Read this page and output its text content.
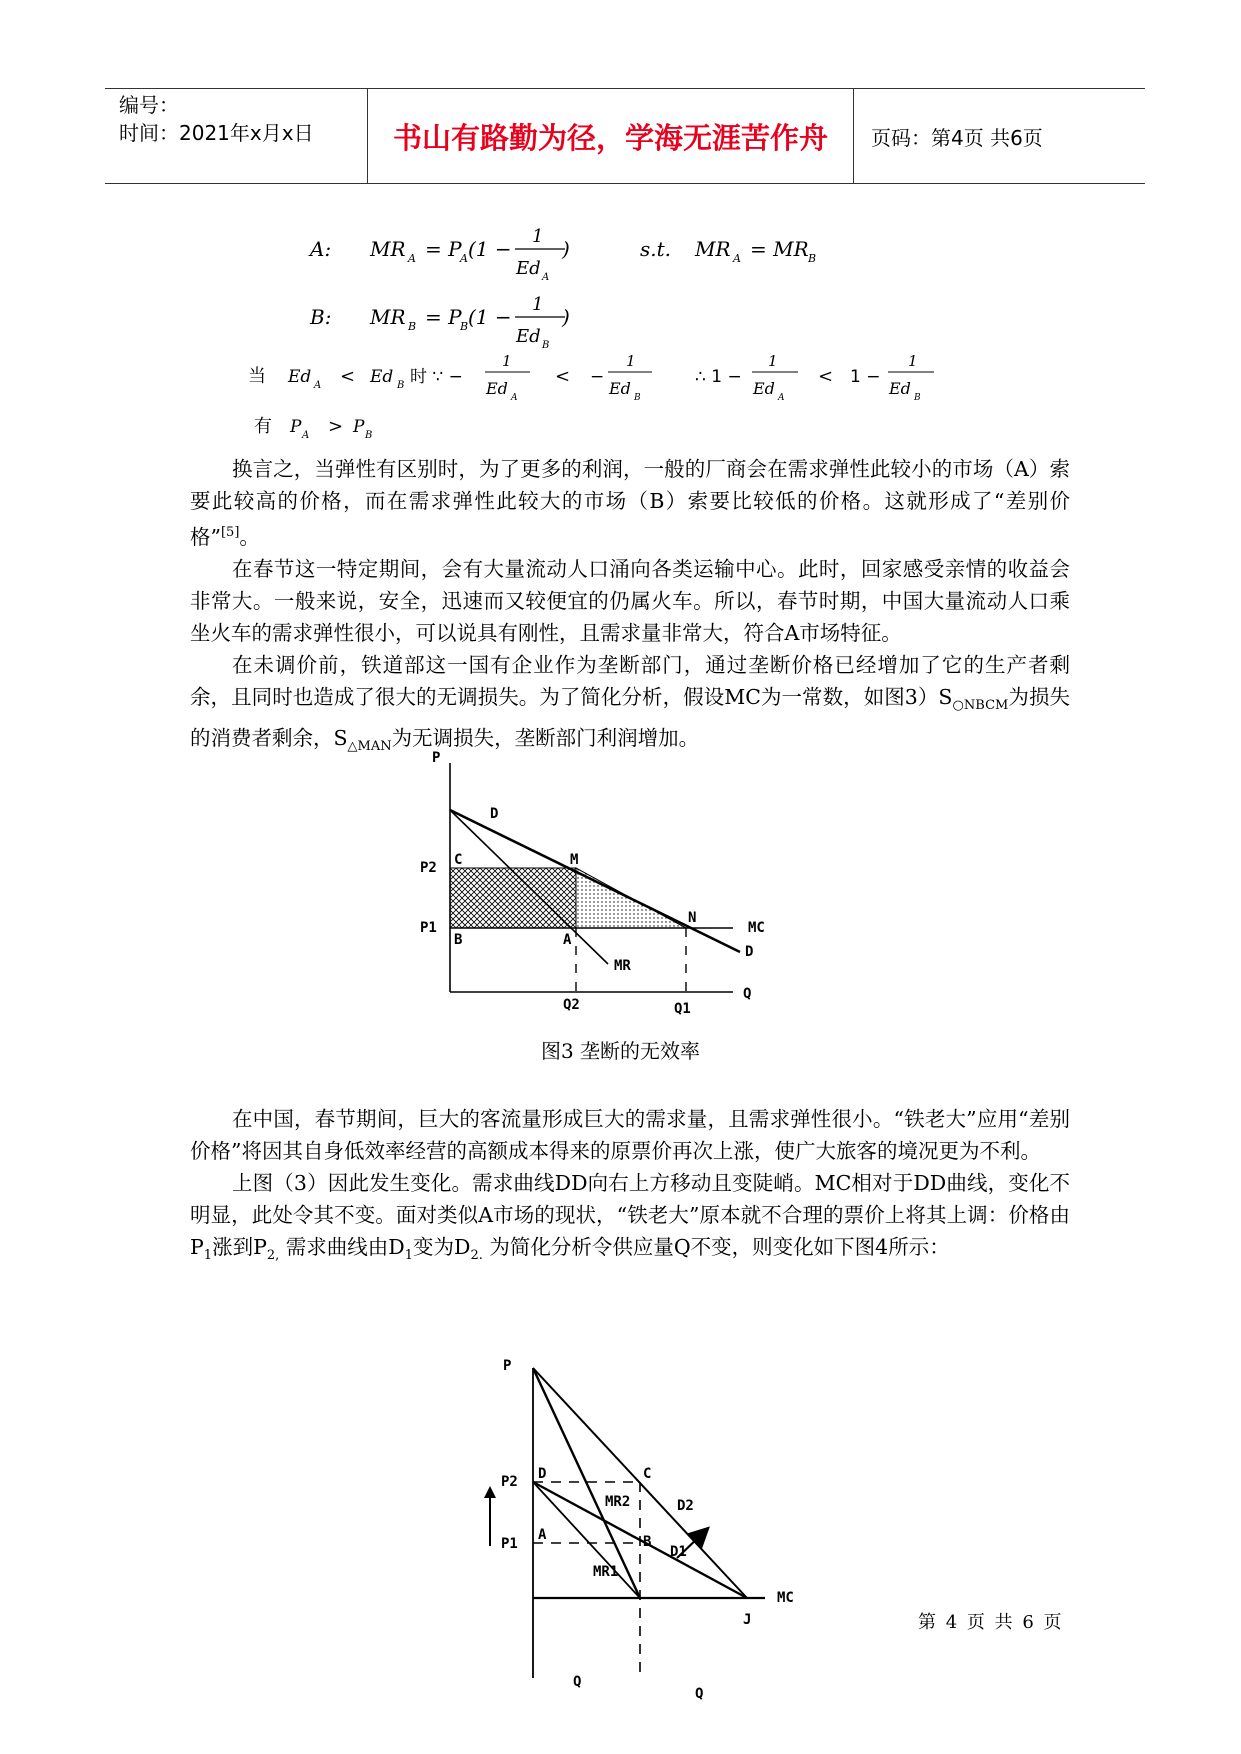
编号：
时间：2021年x月x日	书山有路勤为径，学海无涯苦作舟	页码：第4页 共6页
A: MR A = P
A (1 −
1
Ed A
)	s.t. MR A = MR B
B: MR B = P
B (1 −
1
Ed B
)
当 Ed A < Ed B 时 ∵ −
1
Ed A
< −
1
Ed B
∴ 1 −
1
Ed A
< 1 −
1
Ed B
有 P A > P B

换言之，当弹性有区别时，为了更多的利润，一般的厂商会在需求弹性此较小的市场（A）索要此较高的价格，而在需求弹性此较大的市场（B）索要比较低的价格。这就形成了“差别价格”[5]。

在春节这一特定期间，会有大量流动人口涌向各类运输中心。此时，回家感受亲情的收益会非常大。一般来说，安全，迅速而又较便宜的仍属火车。所以，春节时期，中国大量流动人口乘坐火车的需求弹性很小，可以说具有刚性，且需求量非常大，符合A市场特征。

在未调价前，铁道部这一国有企业作为垄断部门，通过垄断价格已经增加了它的生产者剩余，且同时也造成了很大的无调损失。为了简化分析，假设MC为一常数，如图$3)S_{○NBCM}$为损失的消费者剩余，$S_{\triangle MAN}$为无调损失，垄断部门利润增加。

P
Q
D
D
M
N
MC
C
B	A
MR
P1
P2
Q1
Q2
图3 垄断的无效率

在中国，春节期间，巨大的客流量形成巨大的需求量，且需求弹性很小。“铁老大”应用“差别价格”将因其自身低效率经营的高额成本得来的原票价再次上涨，使广大旅客的境况更为不利。

上图（3）因此发生变化。需求曲线DD向右上方移动且变陡峭。MC相对于DD曲线，变化不明显，此处令其不变。面对类似A市场的现状，“铁老大”原本就不合理的票价上将其上调：价格由$P_1$涨到$P_{2,}$ 需求曲线由$D_1$变为$D_{2.}$ 为简化分析令供应量Q不变，则变化如下图4所示：

P
Q
Q
P2
P1
D	C
MR2	D2
A	B
D1
MR1
MC
J	第 4 页 共 6 页
